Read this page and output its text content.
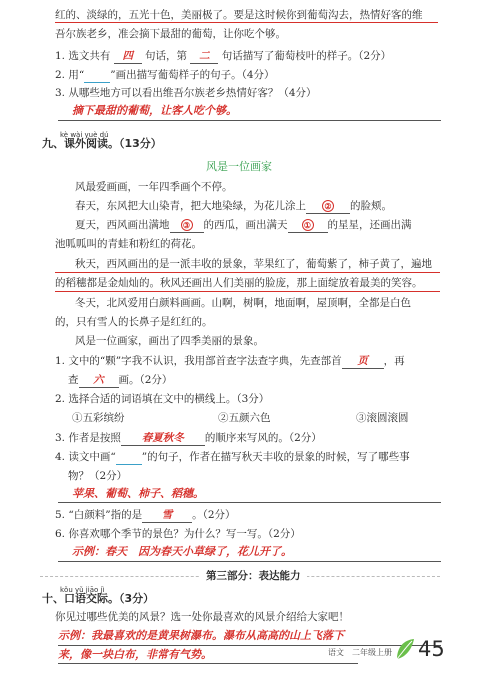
红的、淡绿的，五光十色，美丽极了。要是这时候你到葡萄沟去，热情好客的维
吾尔族老乡，准会摘下最甜的葡萄，让你吃个够。
1. 选文共有 四 句话，第 二 句话描写了葡萄枝叶的样子。（2分）
2. 用“ ”画出描写葡萄样子的句子。（4分）
3. 从哪些地方可以看出维吾尔族老乡热情好客？（4分）
摘下最甜的葡萄，让客人吃个够。
kè wài yuè dú
九、课外阅读。（13分）
风是一位画家
风最爱画画，一年四季画个不停。
春天，东风把大山染青，把大地染绿，为花儿涂上 ② 的脸颊。
夏天，西风画出满地 ③ 的西瓜，画出满天 ① 的星星，还画出满
池呱呱叫的青蛙和粉红的荷花。
秋天，西风画出的是一派丰收的景象，苹果红了，葡萄紫了，柿子黄了，遍地
的稻穗都是金灿灿的。秋风还画出人们美丽的脸庞，那上面绽放着最美的笑容。
冬天，北风爱用白颜料画画。山啊，树啊，地面啊，屋顶啊，全都是白色
的，只有雪人的长鼻子是红红的。
风是一位画家，画出了四季美丽的景象。
1. 文中的“颗”字我不认识，我用部首查字法查字典，先查部首 页 ，再
查 六 画。（2分）
2. 选择合适的词语填在文中的横线上。（3分）
①五彩缤纷	②五颜六色	③滚圆滚圆
3. 作者是按照 春夏秋冬 的顺序来写风的。（2分）
4. 读文中画“ ”的句子，作者在描写秋天丰收的景象的时候，写了哪些事
物？（2分）
苹果、葡萄、柿子、稻穗。
5. “白颜料”指的是 雪 。（2分）
6. 你喜欢哪个季节的景色？为什么？写一写。（2分）
示例：春天　因为春天小草绿了，花儿开了。
第三部分：表达能力
kǒu yǔ jiāo jì
十、口语交际。（3分）
你见过哪些优美的风景？选一处你最喜欢的风景介绍给大家吧！
示例：我最喜欢的是黄果树瀑布。瀑布从高高的山上飞落下
来，像一块白布，非常有气势。	语文　二年级上册 45
